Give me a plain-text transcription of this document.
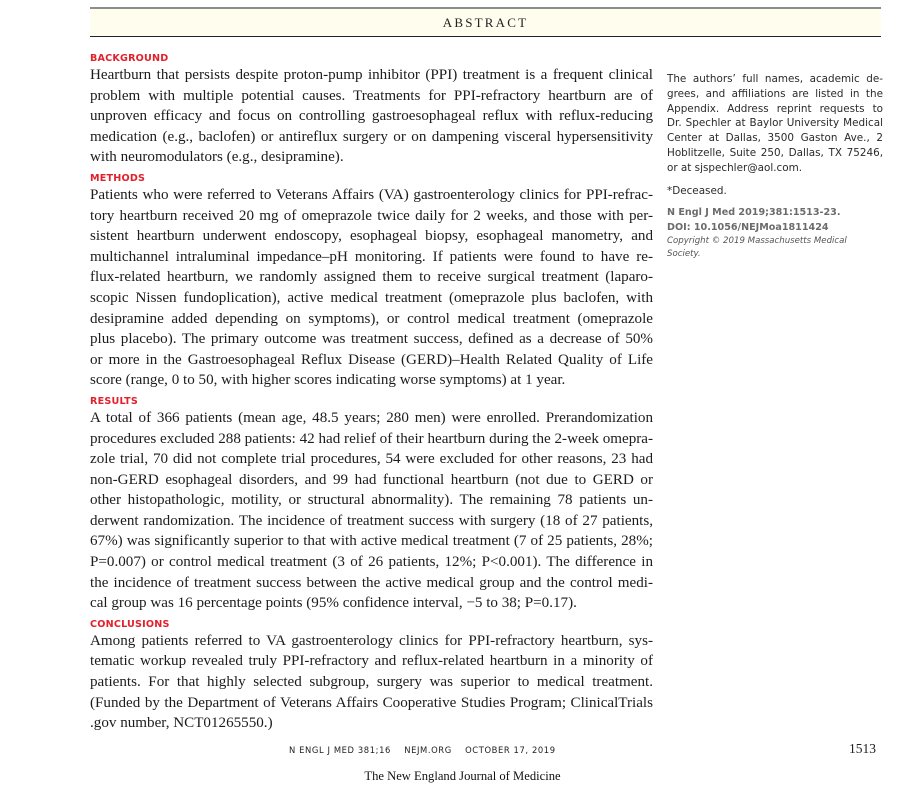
ABSTRACT

BACKGROUND

Heartburn that persists despite proton-pump inhibitor (PPI) treatment is a frequent clinical
problem with multiple potential causes. Treatments for PPI-refractory heartburn are of
unproven efficacy and focus on controlling gastroesophageal reflux with reflux-reducing
medication (e.g., baclofen) or antireflux surgery or on dampening visceral hypersensitivity
with neuromodulators (e.g., desipramine).

METHODS

Patients who were referred to Veterans Affairs (VA) gastroenterology clinics for PPI-refrac-
tory heartburn received 20 mg of omeprazole twice daily for 2 weeks, and those with per-
sistent heartburn underwent endoscopy, esophageal biopsy, esophageal manometry, and
multichannel intraluminal impedance–pH monitoring. If patients were found to have re-
flux-related heartburn, we randomly assigned them to receive surgical treatment (laparo-
scopic Nissen fundoplication), active medical treatment (omeprazole plus baclofen, with
desipramine added depending on symptoms), or control medical treatment (omeprazole
plus placebo). The primary outcome was treatment success, defined as a decrease of 50%
or more in the Gastroesophageal Reflux Disease (GERD)–Health Related Quality of Life
score (range, 0 to 50, with higher scores indicating worse symptoms) at 1 year.

RESULTS

A total of 366 patients (mean age, 48.5 years; 280 men) were enrolled. Prerandomization
procedures excluded 288 patients: 42 had relief of their heartburn during the 2-week omepra-
zole trial, 70 did not complete trial procedures, 54 were excluded for other reasons, 23 had
non-GERD esophageal disorders, and 99 had functional heartburn (not due to GERD or
other histopathologic, motility, or structural abnormality). The remaining 78 patients un-
derwent randomization. The incidence of treatment success with surgery (18 of 27 patients,
67%) was significantly superior to that with active medical treatment (7 of 25 patients, 28%;
P=0.007) or control medical treatment (3 of 26 patients, 12%; P<0.001). The difference in
the incidence of treatment success between the active medical group and the control medi-
cal group was 16 percentage points (95% confidence interval, −5 to 38; P=0.17).

CONCLUSIONS

Among patients referred to VA gastroenterology clinics for PPI-refractory heartburn, sys-
tematic workup revealed truly PPI-refractory and reflux-related heartburn in a minority of
patients. For that highly selected subgroup, surgery was superior to medical treatment.
(Funded by the Department of Veterans Affairs Cooperative Studies Program; ClinicalTrials
.gov number, NCT01265550.)
The authors’ full names, academic de-
grees, and affiliations are listed in the
Appendix. Address reprint requests to
Dr. Spechler at Baylor University Medical
Center at Dallas, 3500 Gaston Ave., 2
Hoblitzelle, Suite 250, Dallas, TX 75246,
or at sjspechler@aol.com.
*Deceased.
N Engl J Med 2019;381:1513-23.
DOI: 10.1056/NEJMoa1811424
Copyright © 2019 Massachusetts Medical Society.
N ENGL J MED 381;16 NEJM.ORG OCTOBER 17, 2019	1513
The New England Journal of Medicine
